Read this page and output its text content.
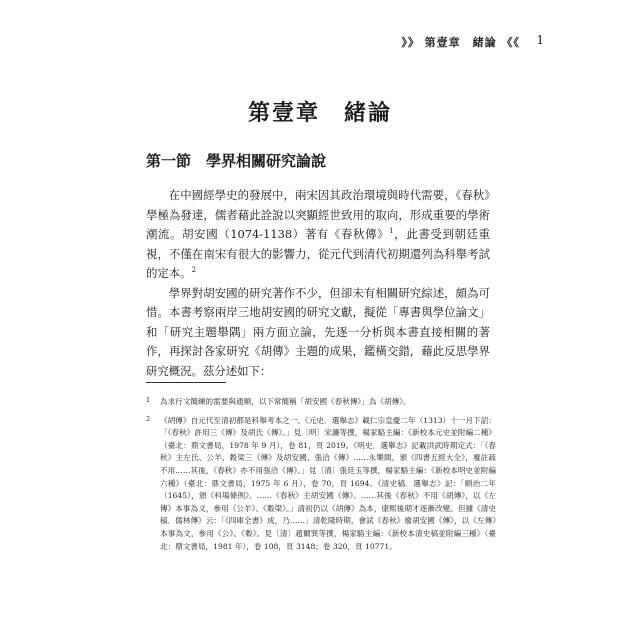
》》 第壹章　緒論 《《 1
第壹章　緒論
第一節　學界相關研究論說

在中國經學史的發展中，兩宋因其政治環境與時代需要，《春秋》學極為發達，儒者藉此詮說以突顯經世致用的取向，形成重要的學術潮流。胡安國（1074-1138）著有《春秋傳》$^1$，此書受到朝廷重視，不僅在南宋有很大的影響力，從元代到清代初期還列為科舉考試的定本。$^2$

學界對胡安國的研究著作不少，但卻未有相關研究綜述，頗為可惜。本書考察兩岸三地胡安國的研究文獻，擬從「專書與學位論文」和「研究主題舉隅」兩方面立論，先逐一分析與本書直接相關的著作，再探討各家研究《胡傳》主題的成果，鑑橫交錯，藉此反思學界研究概況。茲分述如下：

1 為求行文簡練的需要與通順，以下常簡稱「胡安國《春秋傳》」為《胡傳》。
2 《胡傳》自元代至清初都是科舉考本之一。《元史．選舉志》載仁宗皇慶二年（1313）十一月下詔：「《春秋》許用三《傳》及胡氏《傳》。」見〔明〕宋濂等撰，楊家駱主編：《新校本元史並附編二種》（臺北：鼎文書局，1978 年 9 月），卷 81，頁 2019。《明史．選舉志》記載洪武時期定式：「《春秋》主左氏、公羊、穀梁三《傳》及胡安國、張洽《傳》……永樂間，頒《四書五經大全》，廢註疏不用……其後，《春秋》亦不用張洽《傳》。」見〔清〕張廷玉等撰，楊家駱主編：《新校本明史並附編六種》（臺北：鼎文書局，1975 年 6 月），卷 70，頁 1694。《清史稿．選舉志》記：「順治二年（1645），頒《科場條例》。……《春秋》主胡安國《傳》。……其後《春秋》不用《胡傳》，以《左傳》本事為文，參用《公羊》、《穀梁》。」清初仍以《胡傳》為本，康熙後期才逐漸改變。但據《清史稿．儒林傳》云：「《四庫全書》成，乃……」清乾隆時期，會試《春秋》廢胡安國《傳》，以《左傳》本事為文，參用《公》、《穀》。見〔清〕趙爾巽等撰，楊家駱主編：《新校本清史稿並附編三種》（臺北：鼎文書局，1981 年），卷 108，頁 3148；卷 320，頁 10771。
